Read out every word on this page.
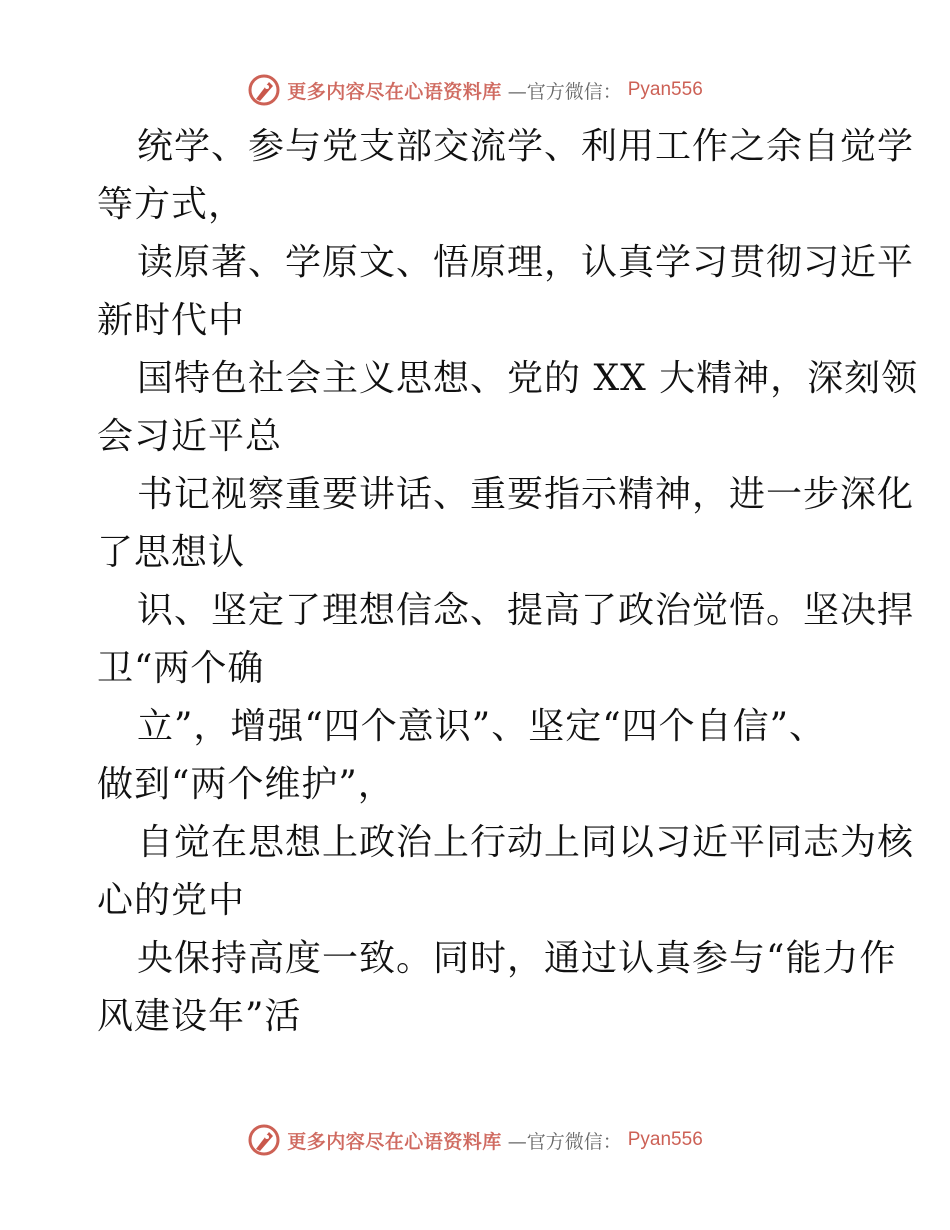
更多内容尽在心语资料库 —官方微信： Pyan556
统学、参与党支部交流学、利用工作之余自觉学
等方式，
读原著、学原文、悟原理，认真学习贯彻习近平
新时代中
国特色社会主义思想、党的 XX 大精神，深刻领
会习近平总
书记视察重要讲话、重要指示精神，进一步深化
了思想认
识、坚定了理想信念、提高了政治觉悟。坚决捍
卫“两个确
立”，增强“四个意识”、坚定“四个自信”、
做到“两个维护”，
自觉在思想上政治上行动上同以习近平同志为核
心的党中
央保持高度一致。同时，通过认真参与“能力作
风建设年”活
更多内容尽在心语资料库 —官方微信： Pyan556
